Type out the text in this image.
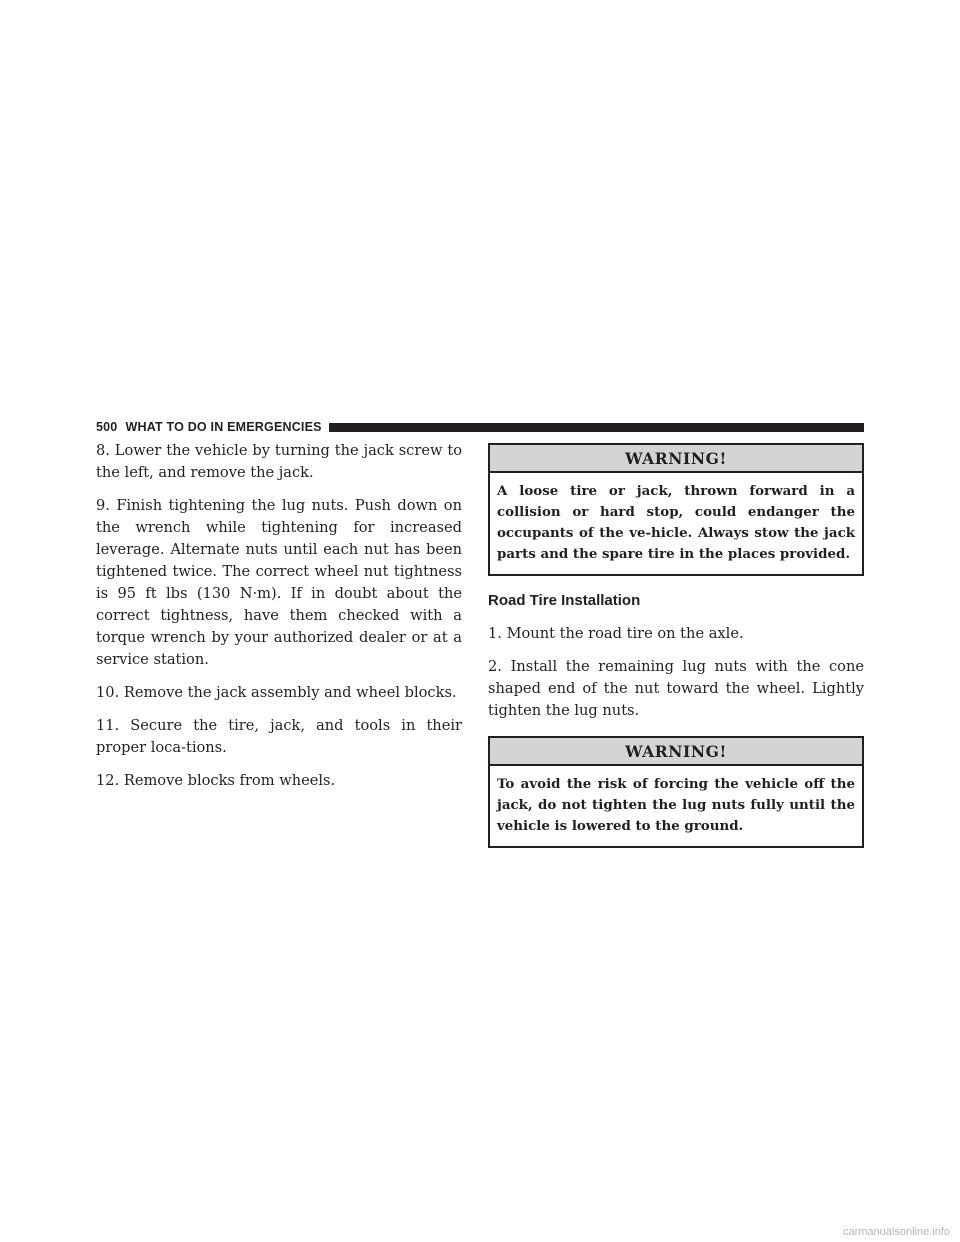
500 WHAT TO DO IN EMERGENCIES

8. Lower the vehicle by turning the jack screw to the left, and remove the jack.

9. Finish tightening the lug nuts. Push down on the wrench while tightening for increased leverage. Alternate nuts until each nut has been tightened twice. The correct wheel nut tightness is 95 ft lbs (130 N·m). If in doubt about the correct tightness, have them checked with a torque wrench by your authorized dealer or at a service station.

10. Remove the jack assembly and wheel blocks.

11. Secure the tire, jack, and tools in their proper loca-tions.

12. Remove blocks from wheels.

WARNING!
A loose tire or jack, thrown forward in a collision or hard stop, could endanger the occupants of the ve-hicle. Always stow the jack parts and the spare tire in the places provided.
Road Tire Installation

1. Mount the road tire on the axle.

2. Install the remaining lug nuts with the cone shaped end of the nut toward the wheel. Lightly tighten the lug nuts.

WARNING!
To avoid the risk of forcing the vehicle off the jack, do not tighten the lug nuts fully until the vehicle is lowered to the ground.
carmanualsonline.info
